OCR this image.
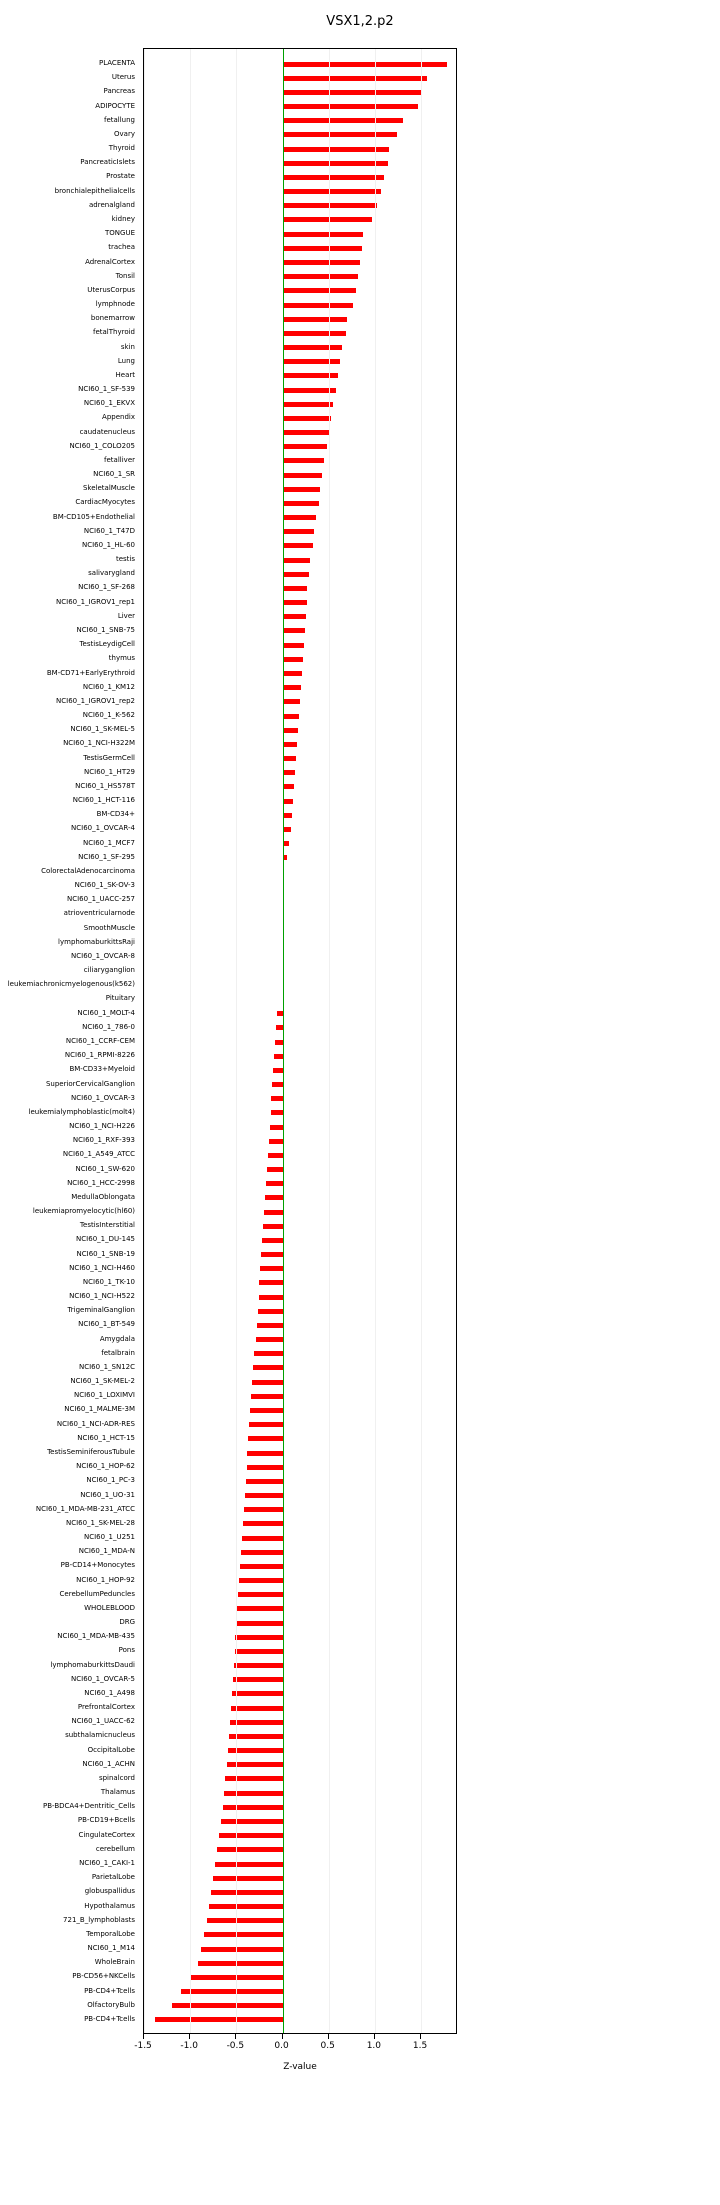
VSX1,2.p2
PLACENTA
Uterus
Pancreas
ADIPOCYTE
fetallung
Ovary
Thyroid
PancreaticIslets
Prostate
bronchialepithelialcells
adrenalgland
kidney
TONGUE
trachea
AdrenalCortex
Tonsil
UterusCorpus
lymphnode
bonemarrow
fetalThyroid
skin
Lung
Heart
NCI60_1_SF-539
NCI60_1_EKVX
Appendix
caudatenucleus
NCI60_1_COLO205
fetalliver
NCI60_1_SR
SkeletalMuscle
CardiacMyocytes
BM-CD105+Endothelial
NCI60_1_T47D
NCI60_1_HL-60
testis
salivarygland
NCI60_1_SF-268
NCI60_1_IGROV1_rep1
Liver
NCI60_1_SNB-75
TestisLeydigCell
thymus
BM-CD71+EarlyErythroid
NCI60_1_KM12
NCI60_1_IGROV1_rep2
NCI60_1_K-562
NCI60_1_SK-MEL-5
NCI60_1_NCI-H322M
TestisGermCell
NCI60_1_HT29
NCI60_1_HS578T
NCI60_1_HCT-116
BM-CD34+
NCI60_1_OVCAR-4
NCI60_1_MCF7
NCI60_1_SF-295
ColorectalAdenocarcinoma
NCI60_1_SK-OV-3
NCI60_1_UACC-257
atrioventricularnode
SmoothMuscle
lymphomaburkittsRaji
NCI60_1_OVCAR-8
ciliaryganglion
leukemiachronicmyelogenous(k562)
Pituitary
NCI60_1_MOLT-4
NCI60_1_786-0
NCI60_1_CCRF-CEM
NCI60_1_RPMI-8226
BM-CD33+Myeloid
SuperiorCervicalGanglion
NCI60_1_OVCAR-3
leukemialymphoblastic(molt4)
NCI60_1_NCI-H226
NCI60_1_RXF-393
NCI60_1_A549_ATCC
NCI60_1_SW-620
NCI60_1_HCC-2998
MedullaOblongata
leukemiapromyelocytic(hl60)
TestisInterstitial
NCI60_1_DU-145
NCI60_1_SNB-19
NCI60_1_NCI-H460
NCI60_1_TK-10
NCI60_1_NCI-H522
TrigeminalGanglion
NCI60_1_BT-549
Amygdala
fetalbrain
NCI60_1_SN12C
NCI60_1_SK-MEL-2
NCI60_1_LOXIMVI
NCI60_1_MALME-3M
NCI60_1_NCI-ADR-RES
NCI60_1_HCT-15
TestisSeminiferousTubule
NCI60_1_HOP-62
NCI60_1_PC-3
NCI60_1_UO-31
NCI60_1_MDA-MB-231_ATCC
NCI60_1_SK-MEL-28
NCI60_1_U251
NCI60_1_MDA-N
PB-CD14+Monocytes
NCI60_1_HOP-92
CerebellumPeduncles
WHOLEBLOOD
DRG
NCI60_1_MDA-MB-435
Pons
lymphomaburkittsDaudi
NCI60_1_OVCAR-5
NCI60_1_A498
PrefrontalCortex
NCI60_1_UACC-62
subthalamicnucleus
OccipitalLobe
NCI60_1_ACHN
spinalcord
Thalamus
PB-BDCA4+Dentritic_Cells
PB-CD19+Bcells
CingulateCortex
cerebellum
NCI60_1_CAKI-1
ParietalLobe
globuspallidus
Hypothalamus
721_B_lymphoblasts
TemporalLobe
NCI60_1_M14
WholeBrain
PB-CD56+NKCells
PB-CD4+Tcells
OlfactoryBulb
PB-CD4+Tcells
-1.5	-1.0	-0.5	0.0	0.5	1.0	1.5
Z-value
